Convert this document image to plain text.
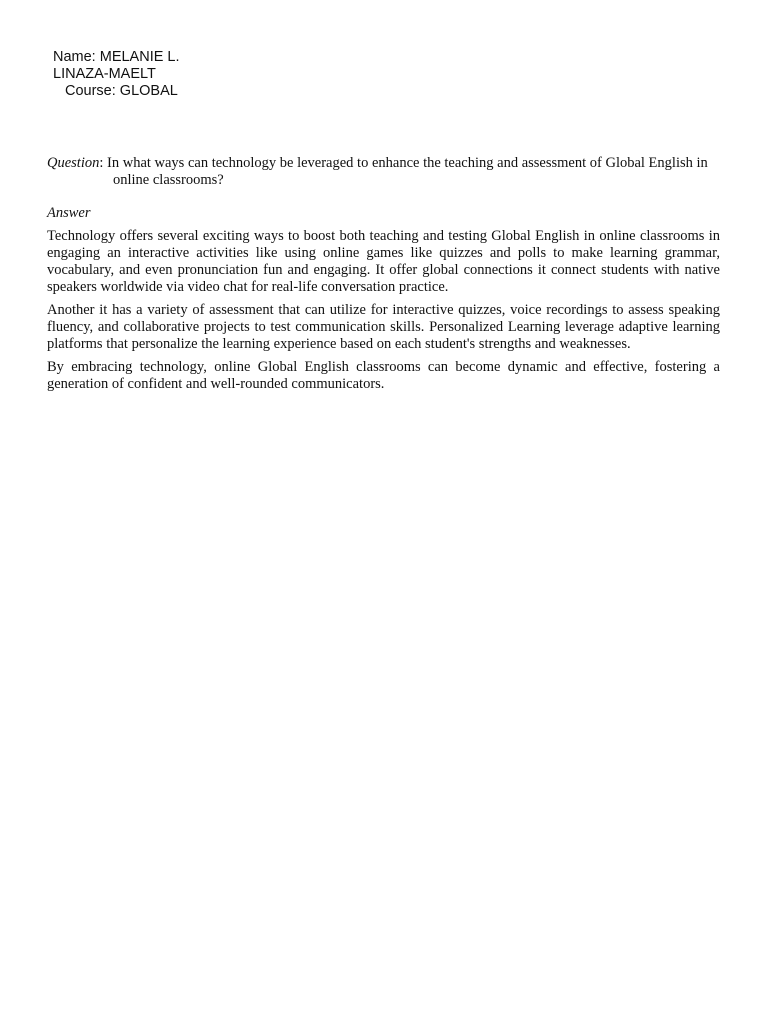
Name: MELANIE L.
LINAZA-MAELT
Course: GLOBAL

Question: In what ways can technology be leveraged to enhance the teaching and assessment of Global English in online classrooms?

Answer

Technology offers several exciting ways to boost both teaching and testing Global English in online classrooms in engaging an interactive activities like using online games like quizzes and polls to make learning grammar, vocabulary, and even pronunciation fun and engaging. It offer global connections it connect students with native speakers worldwide via video chat for real-life conversation practice.

Another it has a variety of assessment that can utilize for interactive quizzes, voice recordings to assess speaking fluency, and collaborative projects to test communication skills. Personalized Learning leverage adaptive learning platforms that personalize the learning experience based on each student's strengths and weaknesses.

By embracing technology, online Global English classrooms can become dynamic and effective, fostering a generation of confident and well-rounded communicators.
